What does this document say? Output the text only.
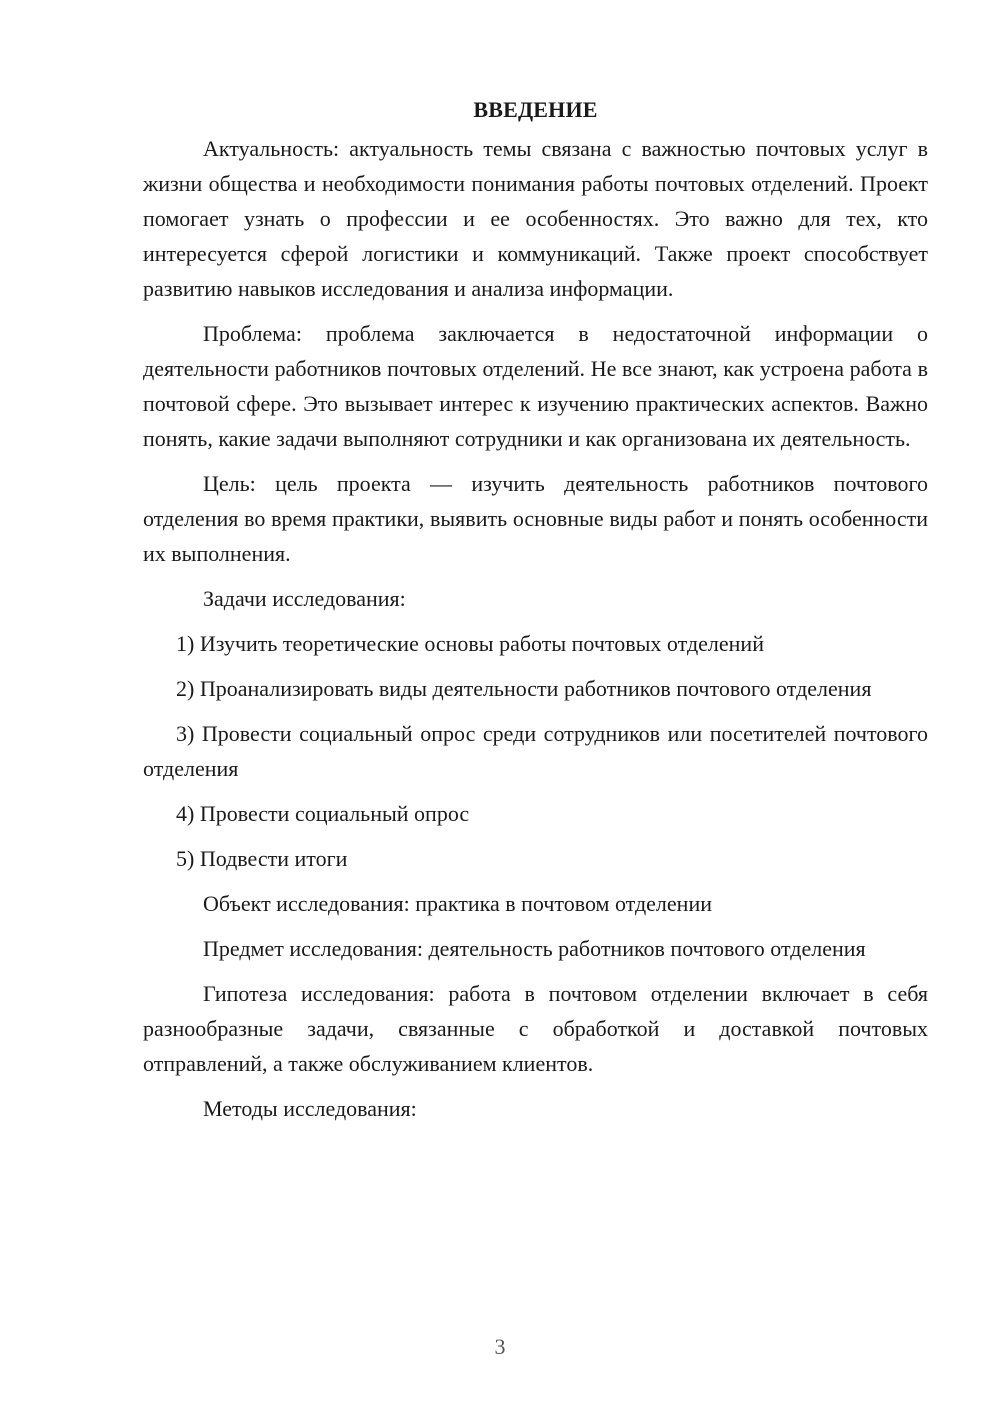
ВВЕДЕНИЕ

Актуальность: актуальность темы связана с важностью почтовых услуг в жизни общества и необходимости понимания работы почтовых отделений. Проект помогает узнать о профессии и ее особенностях. Это важно для тех, кто интересуется сферой логистики и коммуникаций. Также проект способствует развитию навыков исследования и анализа информации.

Проблема: проблема заключается в недостаточной информации о деятельности работников почтовых отделений. Не все знают, как устроена работа в почтовой сфере. Это вызывает интерес к изучению практических аспектов. Важно понять, какие задачи выполняют сотрудники и как организована их деятельность.

Цель: цель проекта — изучить деятельность работников почтового отделения во время практики, выявить основные виды работ и понять особенности их выполнения.

Задачи исследования:

1) Изучить теоретические основы работы почтовых отделений

2) Проанализировать виды деятельности работников почтового отделения

3) Провести социальный опрос среди сотрудников или посетителей почтового отделения

4) Провести социальный опрос

5) Подвести итоги

Объект исследования: практика в почтовом отделении

Предмет исследования: деятельность работников почтового отделения

Гипотеза исследования: работа в почтовом отделении включает в себя разнообразные задачи, связанные с обработкой и доставкой почтовых отправлений, а также обслуживанием клиентов.

Методы исследования:

3
